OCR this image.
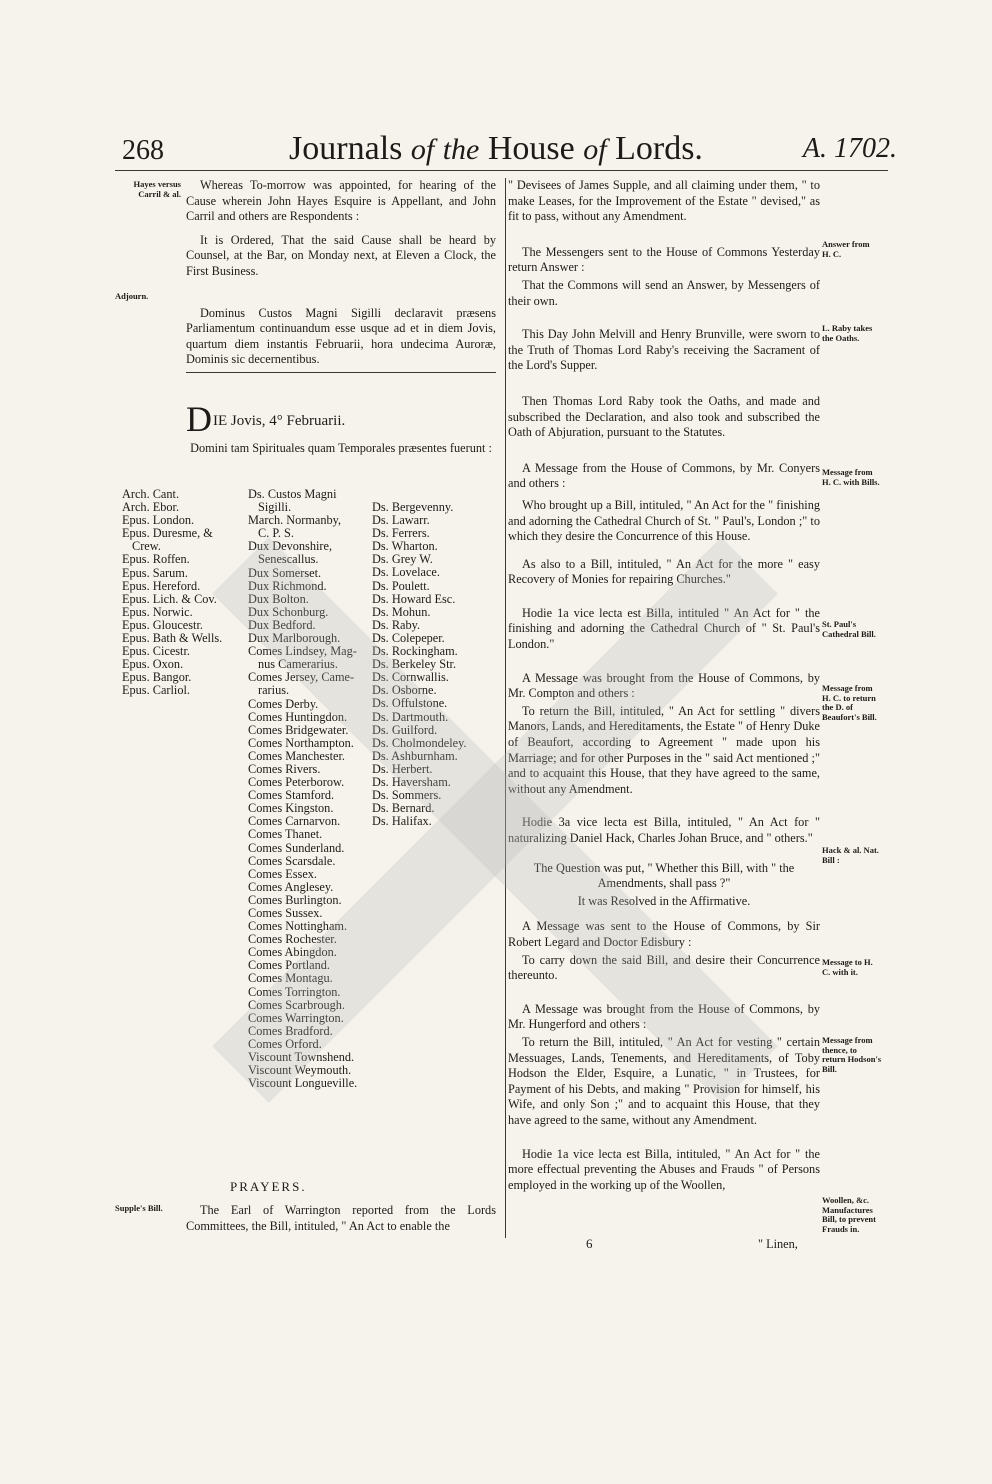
268	Journals of the House of Lords.	A. 1702.

Whereas To-morrow was appointed, for hearing of the Cause wherein John Hayes Esquire is Appellant, and John Carril and others are Respondents :

It is Ordered, That the said Cause shall be heard by Counsel, at the Bar, on Monday next, at Eleven a Clock, the First Business.

Dominus Custos Magni Sigilli declaravit præsens Parliamentum continuandum esse usque ad et in diem Jovis, quartum diem instantis Februarii, hora undecima Auroræ, Dominis sic decernentibus.

DIE Jovis, 4° Februarii.
Domini tam Spirituales quam Temporales præsentes fuerunt :
Arch. Cant.
Arch. Ebor.
Epus. London.
Epus. Duresme, &
Crew.
Epus. Roffen.
Epus. Sarum.
Epus. Hereford.
Epus. Lich. & Cov.
Epus. Norwic.
Epus. Gloucestr.
Epus. Bath & Wells.
Epus. Cicestr.
Epus. Oxon.
Epus. Bangor.
Epus. Carliol.
Ds. Custos Magni
Sigilli.
March. Normanby,
C. P. S.
Dux Devonshire,
Senescallus.
Dux Somerset.
Dux Richmond.
Dux Bolton.
Dux Schonburg.
Dux Bedford.
Dux Marlborough.
Comes Lindsey, Mag-
nus Camerarius.
Comes Jersey, Came-
rarius.
Comes Derby.
Comes Huntingdon.
Comes Bridgewater.
Comes Northampton.
Comes Manchester.
Comes Rivers.
Comes Peterborow.
Comes Stamford.
Comes Kingston.
Comes Carnarvon.
Comes Thanet.
Comes Sunderland.
Comes Scarsdale.
Comes Essex.
Comes Anglesey.
Comes Burlington.
Comes Sussex.
Comes Nottingham.
Comes Rochester.
Comes Abingdon.
Comes Portland.
Comes Montagu.
Comes Torrington.
Comes Scarbrough.
Comes Warrington.
Comes Bradford.
Comes Orford.
Viscount Townshend.
Viscount Weymouth.
Viscount Longueville.
Ds. Bergevenny.
Ds. Lawarr.
Ds. Ferrers.
Ds. Wharton.
Ds. Grey W.
Ds. Lovelace.
Ds. Poulett.
Ds. Howard Esc.
Ds. Mohun.
Ds. Raby.
Ds. Colepeper.
Ds. Rockingham.
Ds. Berkeley Str.
Ds. Cornwallis.
Ds. Osborne.
Ds. Offulstone.
Ds. Dartmouth.
Ds. Guilford.
Ds. Cholmondeley.
Ds. Ashburnham.
Ds. Herbert.
Ds. Haversham.
Ds. Sommers.
Ds. Bernard.
Ds. Halifax.
PRAYERS.

The Earl of Warrington reported from the Lords Committees, the Bill, intituled, " An Act to enable the

" Devisees of James Supple, and all claiming under them, " to make Leases, for the Improvement of the Estate " devised," as fit to pass, without any Amendment.

The Messengers sent to the House of Commons Yesterday return Answer :

That the Commons will send an Answer, by Messengers of their own.

This Day John Melvill and Henry Brunville, were sworn to the Truth of Thomas Lord Raby's receiving the Sacrament of the Lord's Supper.

Then Thomas Lord Raby took the Oaths, and made and subscribed the Declaration, and also took and subscribed the Oath of Abjuration, pursuant to the Statutes.

A Message from the House of Commons, by Mr. Conyers and others :

Who brought up a Bill, intituled, " An Act for the " finishing and adorning the Cathedral Church of St. " Paul's, London ;" to which they desire the Concurrence of this House.

As also to a Bill, intituled, " An Act for the more " easy Recovery of Monies for repairing Churches."

Hodie 1a vice lecta est Billa, intituled " An Act for " the finishing and adorning the Cathedral Church of " St. Paul's London."

A Message was brought from the House of Commons, by Mr. Compton and others :

To return the Bill, intituled, " An Act for settling " divers Manors, Lands, and Hereditaments, the Estate " of Henry Duke of Beaufort, according to Agreement " made upon his Marriage; and for other Purposes in the " said Act mentioned ;" and to acquaint this House, that they have agreed to the same, without any Amendment.

Hodie 3a vice lecta est Billa, intituled, " An Act for " naturalizing Daniel Hack, Charles Johan Bruce, and " others."

The Question was put, " Whether this Bill, with " the Amendments, shall pass ?"

It was Resolved in the Affirmative.

A Message was sent to the House of Commons, by Sir Robert Legard and Doctor Edisbury :

To carry down the said Bill, and desire their Concurrence thereunto.

A Message was brought from the House of Commons, by Mr. Hungerford and others :

To return the Bill, intituled, " An Act for vesting " certain Messuages, Lands, Tenements, and Hereditaments, of Toby Hodson the Elder, Esquire, a Lunatic, " in Trustees, for Payment of his Debts, and making " Provision for himself, his Wife, and only Son ;" and to acquaint this House, that they have agreed to the same, without any Amendment.

Hodie 1a vice lecta est Billa, intituled, " An Act for " the more effectual preventing the Abuses and Frauds " of Persons employed in the working up of the Woollen,

6	" Linen,
Hayes versus Carril & al.
Adjourn.
Supple's Bill.
Answer from H. C.
L. Raby takes the Oaths.
Message from H. C. with Bills.
St. Paul's Cathedral Bill.
Message from H. C. to return the D. of Beaufort's Bill.
Hack & al. Nat. Bill :
Message to H. C. with it.
Message from thence, to return Hodson's Bill.
Woollen, &c. Manufactures Bill, to prevent Frauds in.
